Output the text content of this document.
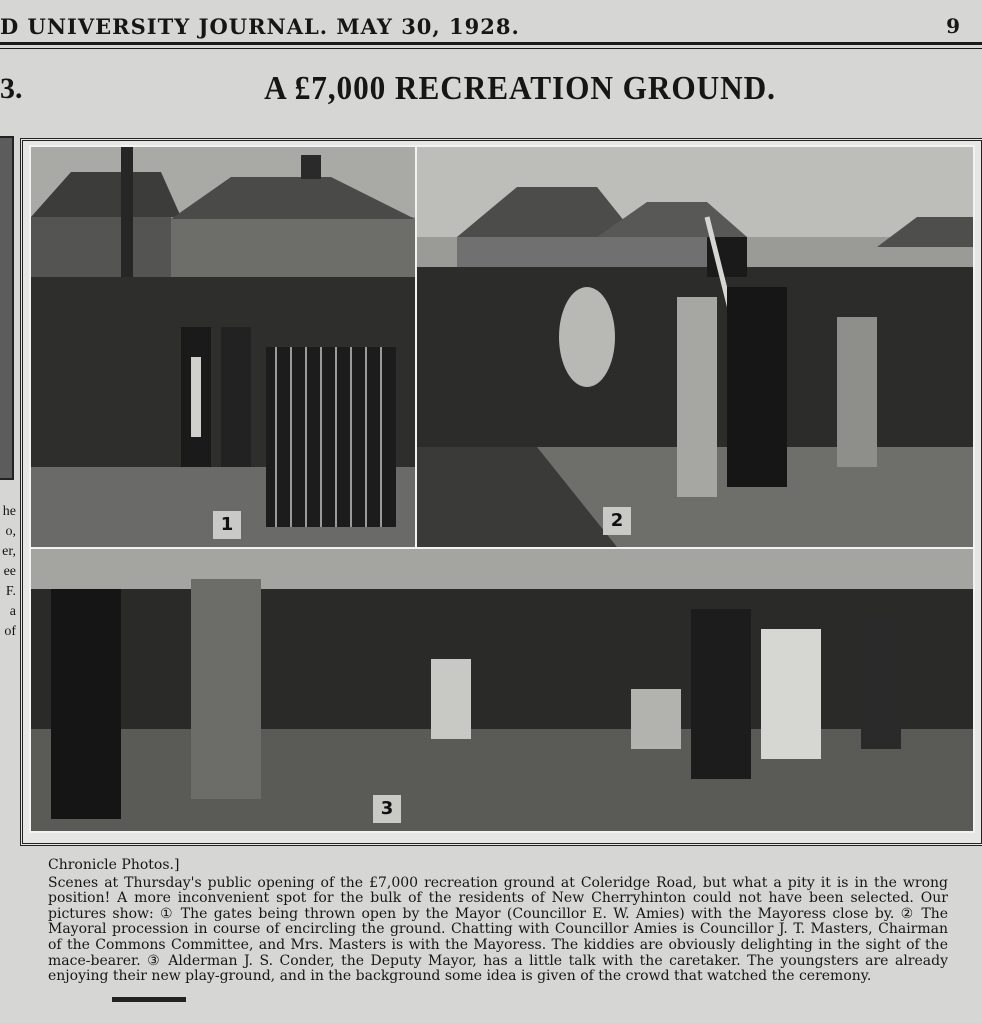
D UNIVERSITY JOURNAL. MAY 30, 1928.	9
3.	A £7,000 RECREATION GROUND.
he
o,
er,
ee
F.
a
of
1	2
3
Chronicle Photos.]
Scenes at Thursday's public opening of the £7,000 recreation ground at Coleridge Road, but what a pity it is in the wrong position! A more inconvenient spot for the bulk of the residents of New Cherryhinton could not have been selected. Our pictures show: ① The gates being thrown open by the Mayor (Councillor E. W. Amies) with the Mayoress close by. ② The Mayoral procession in course of encircling the ground. Chatting with Councillor Amies is Councillor J. T. Masters, Chairman of the Commons Committee, and Mrs. Masters is with the Mayoress. The kiddies are obviously delighting in the sight of the mace-bearer. ③ Alderman J. S. Conder, the Deputy Mayor, has a little talk with the caretaker. The youngsters are already enjoying their new play-ground, and in the background some idea is given of the crowd that watched the ceremony.
